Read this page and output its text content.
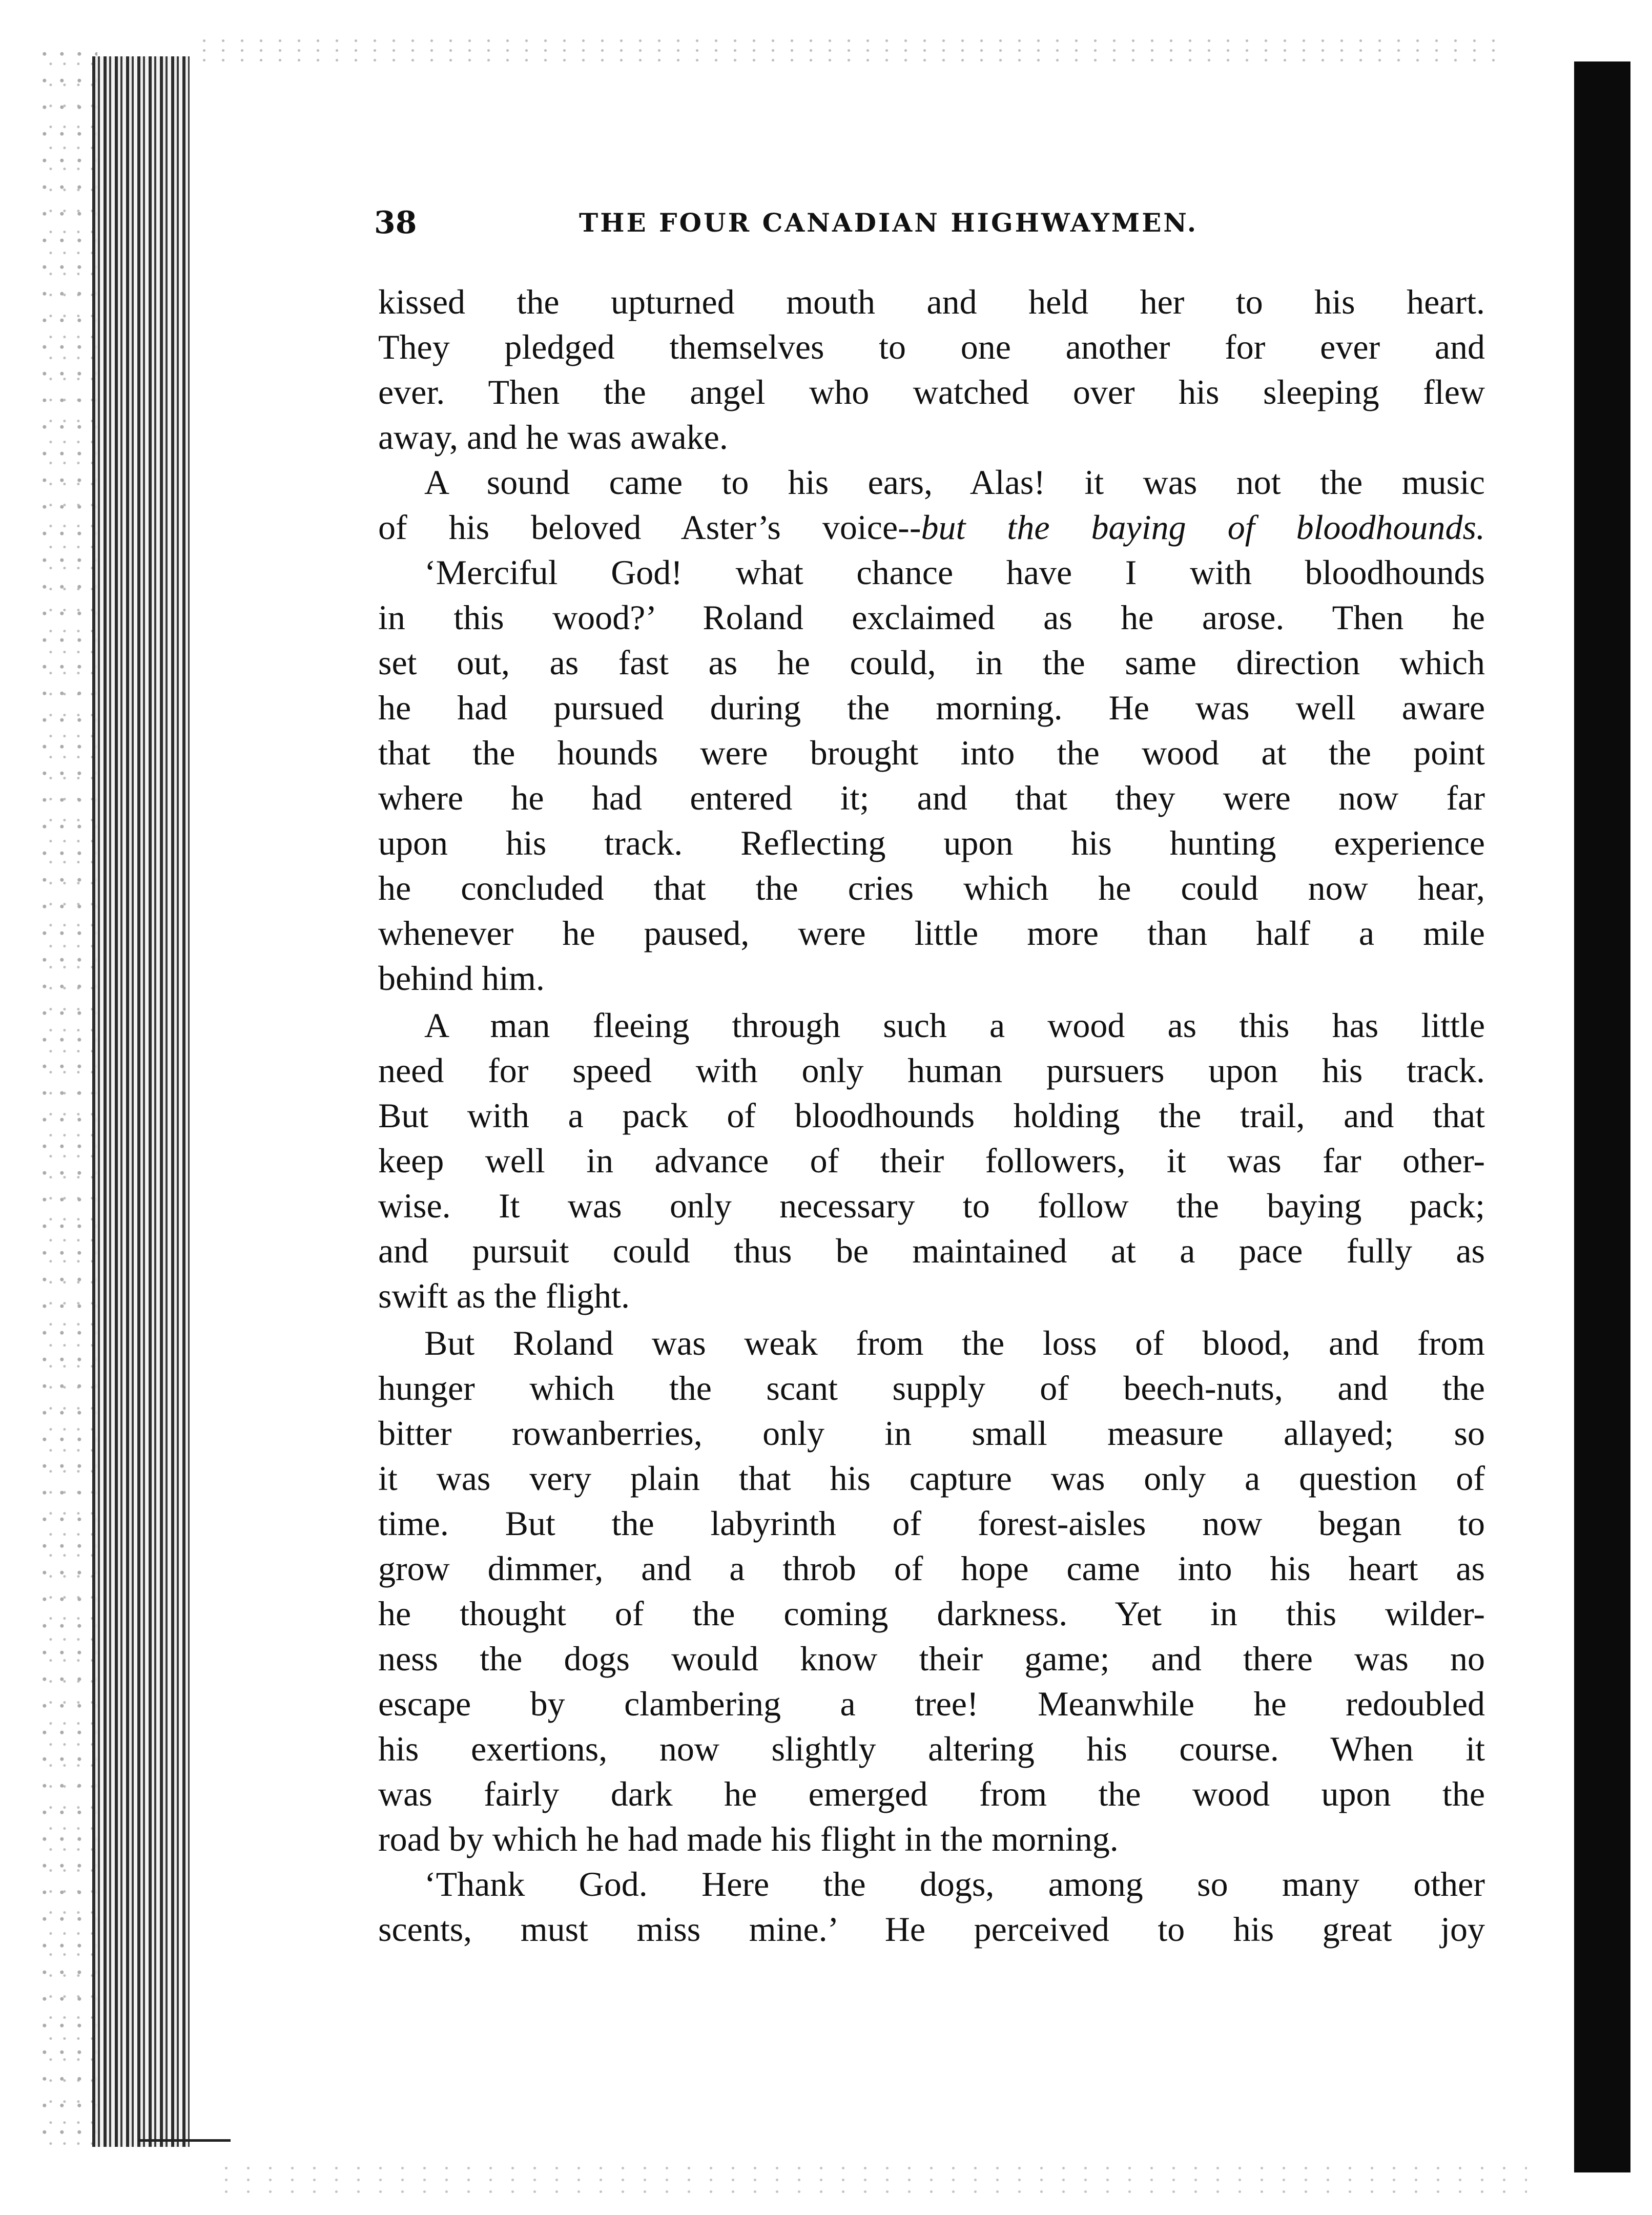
38	THE FOUR CANADIAN HIGHWAYMEN.
kissed the upturned mouth and held her to his heart.
They pledged themselves to one another for ever and
ever. Then the angel who watched over his sleeping flew
away, and he was awake.
A sound came to his ears, Alas! it was not the music
of his beloved Aster’s voice--but the baying of bloodhounds.
‘Merciful God! what chance have I with bloodhounds
in this wood?’ Roland exclaimed as he arose. Then he
set out, as fast as he could, in the same direction which
he had pursued during the morning. He was well aware
that the hounds were brought into the wood at the point
where he had entered it; and that they were now far
upon his track. Reflecting upon his hunting experience
he concluded that the cries which he could now hear,
whenever he paused, were little more than half a mile
behind him.
A man fleeing through such a wood as this has little
need for speed with only human pursuers upon his track.
But with a pack of bloodhounds holding the trail, and that
keep well in advance of their followers, it was far other-
wise. It was only necessary to follow the baying pack;
and pursuit could thus be maintained at a pace fully as
swift as the flight.
But Roland was weak from the loss of blood, and from
hunger which the scant supply of beech-nuts, and the
bitter rowanberries, only in small measure allayed; so
it was very plain that his capture was only a question of
time. But the labyrinth of forest-aisles now began to
grow dimmer, and a throb of hope came into his heart as
he thought of the coming darkness. Yet in this wilder-
ness the dogs would know their game; and there was no
escape by clambering a tree! Meanwhile he redoubled
his exertions, now slightly altering his course. When it
was fairly dark he emerged from the wood upon the
road by which he had made his flight in the morning.
‘Thank God. Here the dogs, among so many other
scents, must miss mine.’ He perceived to his great joy
